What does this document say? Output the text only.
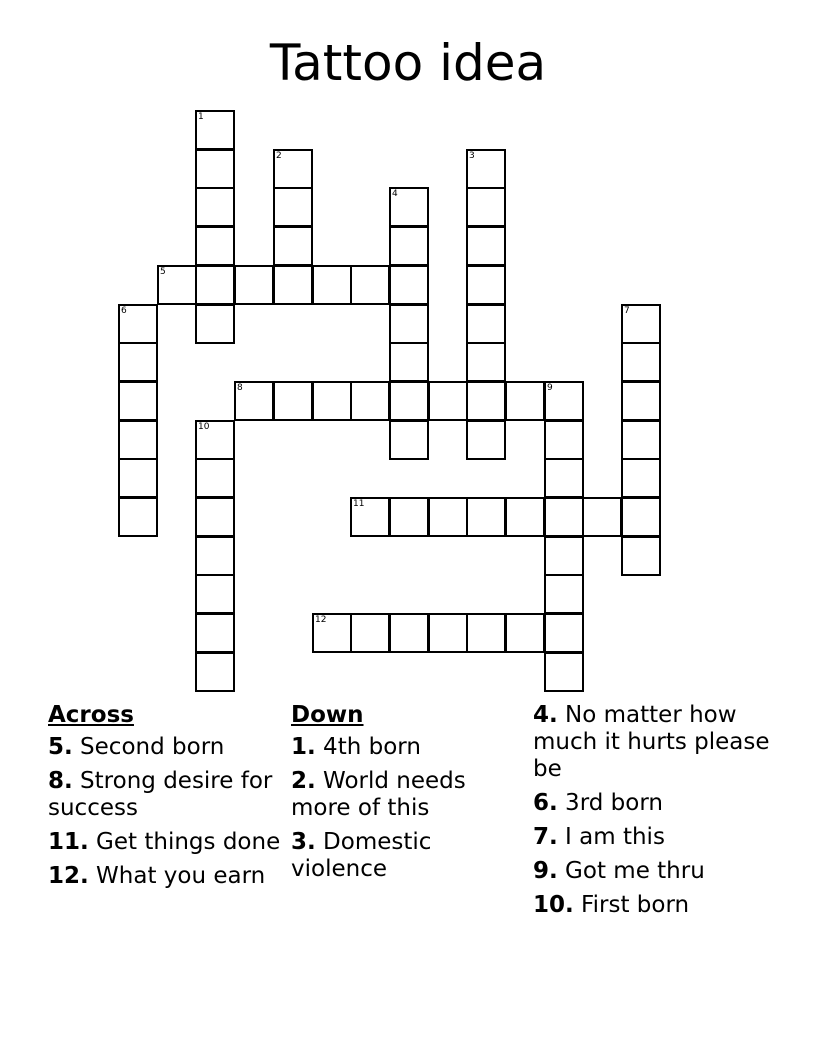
Tattoo idea
1
2	3
4
5
6	7
8	9
10
11
12
Across
5. Second born
8. Strong desire for success
11. Get things done
12. What you earn
Down
1. 4th born
2. World needs more of this
3. Domestic violence
4. No matter how much it hurts please be
6. 3rd born
7. I am this
9. Got me thru
10. First born
